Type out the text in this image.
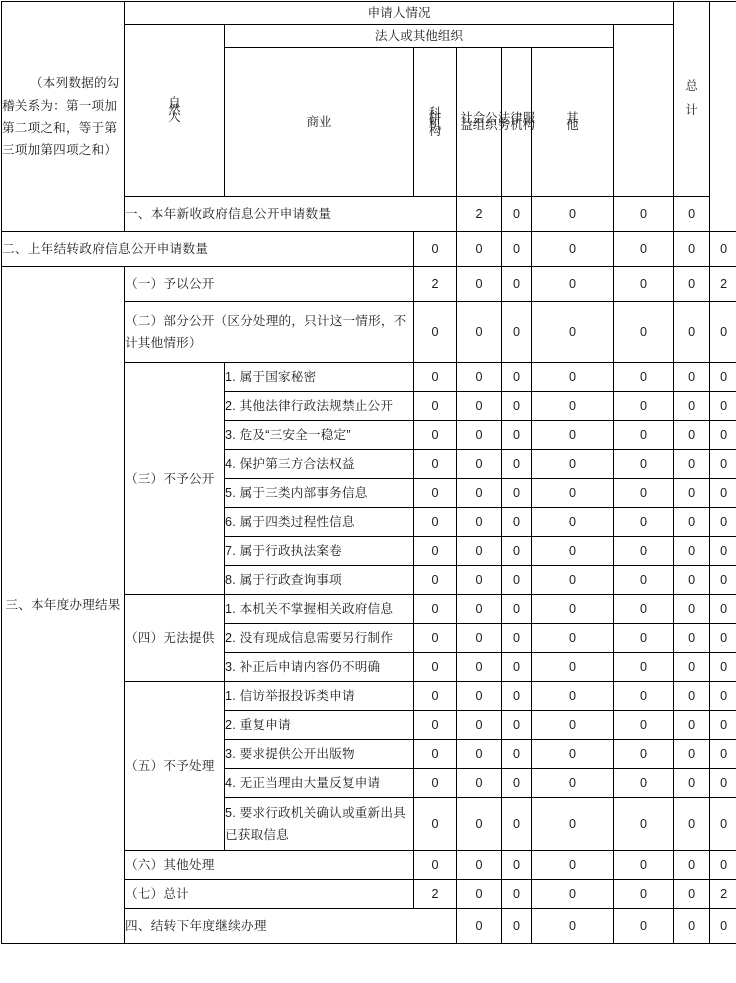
（本列数据的勾稽关系为：第一项加第二项之和，等于第三项加第四项之和）	申请人情况							总计		

	自然人	法人或其他组织								

		商业	科研机构	社会公益组织	法律服务机构	其他				

	一、本年新收政府信息公开申请数量			2	0	0	0	0		
二、上年结转政府信息公开申请数量			0	0	0	0	0	0	0	
三、本年度办理结果	（一）予以公开		2	0	0	0	0	0	2	
	（二）部分公开（区分处理的，只计这一情形，不计其他情形）		0	0	0	0	0	0	0	
	（三）不予公开	1. 属于国家秘密	0	0	0	0	0	0	0	
		2. 其他法律行政法规禁止公开	0	0	0	0	0	0	0	
		3. 危及“三安全一稳定”	0	0	0	0	0	0	0	
		4. 保护第三方合法权益	0	0	0	0	0	0	0	
		5. 属于三类内部事务信息	0	0	0	0	0	0	0	
		6. 属于四类过程性信息	0	0	0	0	0	0	0	
		7. 属于行政执法案卷	0	0	0	0	0	0	0	
		8. 属于行政查询事项	0	0	0	0	0	0	0	
	（四）无法提供	1. 本机关不掌握相关政府信息	0	0	0	0	0	0	0	
		2. 没有现成信息需要另行制作	0	0	0	0	0	0	0	
		3. 补正后申请内容仍不明确	0	0	0	0	0	0	0	
	（五）不予处理	1. 信访举报投诉类申请	0	0	0	0	0	0	0	
		2. 重复申请	0	0	0	0	0	0	0	
		3. 要求提供公开出版物	0	0	0	0	0	0	0	
		4. 无正当理由大量反复申请	0	0	0	0	0	0	0	
		5. 要求行政机关确认或重新出具已获取信息	0	0	0	0	0	0	0	
	（六）其他处理		0	0	0	0	0	0	0	
	（七）总计		2	0	0	0	0	0	2	
	四、结转下年度继续办理			0	0	0	0	0	0	
